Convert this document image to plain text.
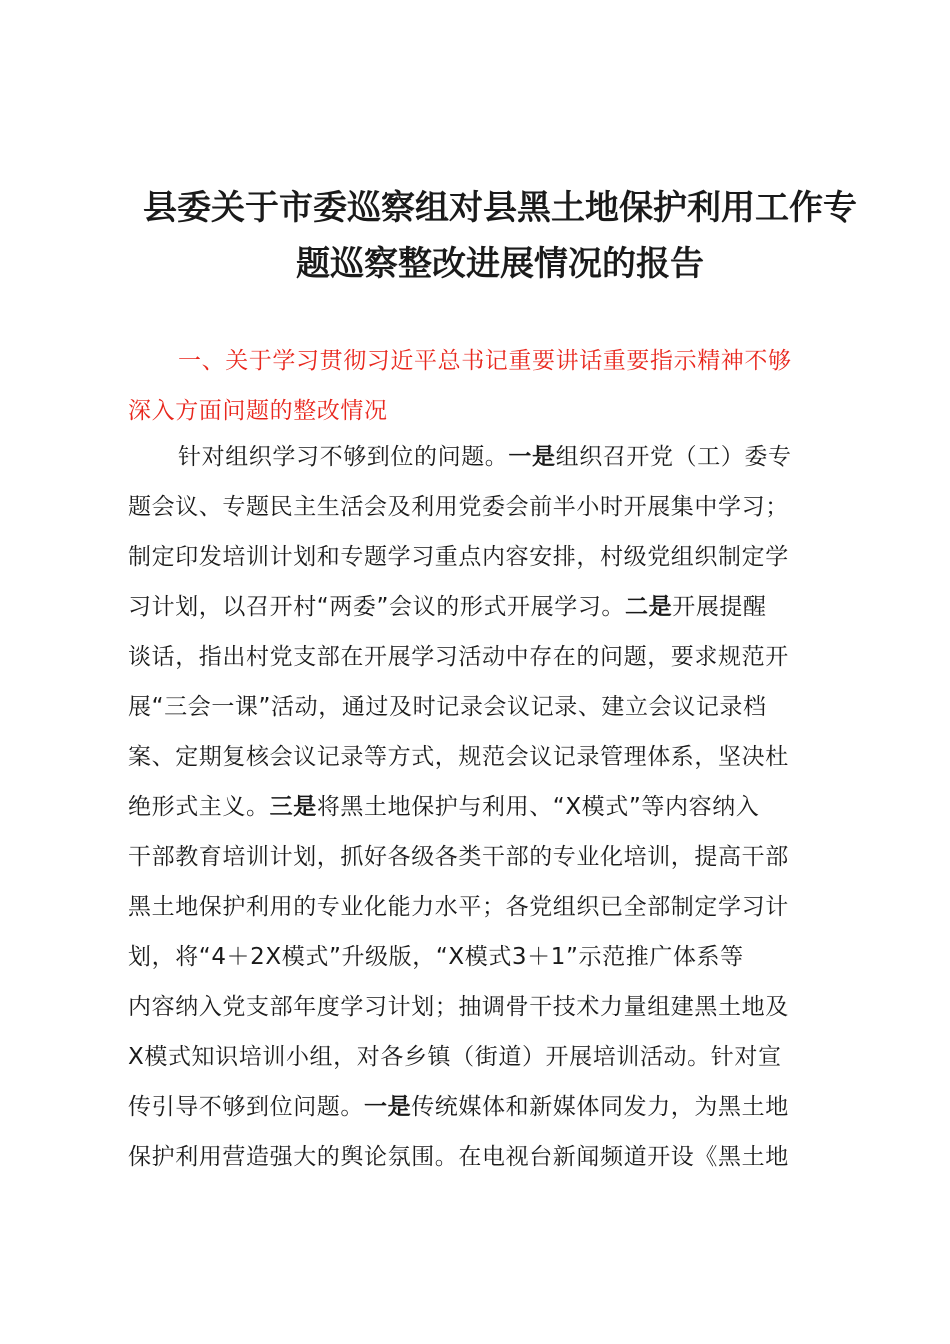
县委关于市委巡察组对县黑土地保护利用工作专
题巡察整改进展情况的报告
一、关于学习贯彻习近平总书记重要讲话重要指示精神不够
深入方面问题的整改情况
针对组织学习不够到位的问题。一是组织召开党（工）委专
题会议、专题民主生活会及利用党委会前半小时开展集中学习；
制定印发培训计划和专题学习重点内容安排，村级党组织制定学
习计划，以召开村“两委”会议的形式开展学习。二是开展提醒
谈话，指出村党支部在开展学习活动中存在的问题，要求规范开
展“三会一课”活动，通过及时记录会议记录、建立会议记录档
案、定期复核会议记录等方式，规范会议记录管理体系，坚决杜
绝形式主义。三是将黑土地保护与利用、“X模式”等内容纳入
干部教育培训计划，抓好各级各类干部的专业化培训，提高干部
黑土地保护利用的专业化能力水平；各党组织已全部制定学习计
划，将“4＋2X模式”升级版，“X模式3＋1”示范推广体系等
内容纳入党支部年度学习计划；抽调骨干技术力量组建黑土地及
X模式知识培训小组，对各乡镇（街道）开展培训活动。针对宣
传引导不够到位问题。一是传统媒体和新媒体同发力，为黑土地
保护利用营造强大的舆论氛围。在电视台新闻频道开设《黑土地
